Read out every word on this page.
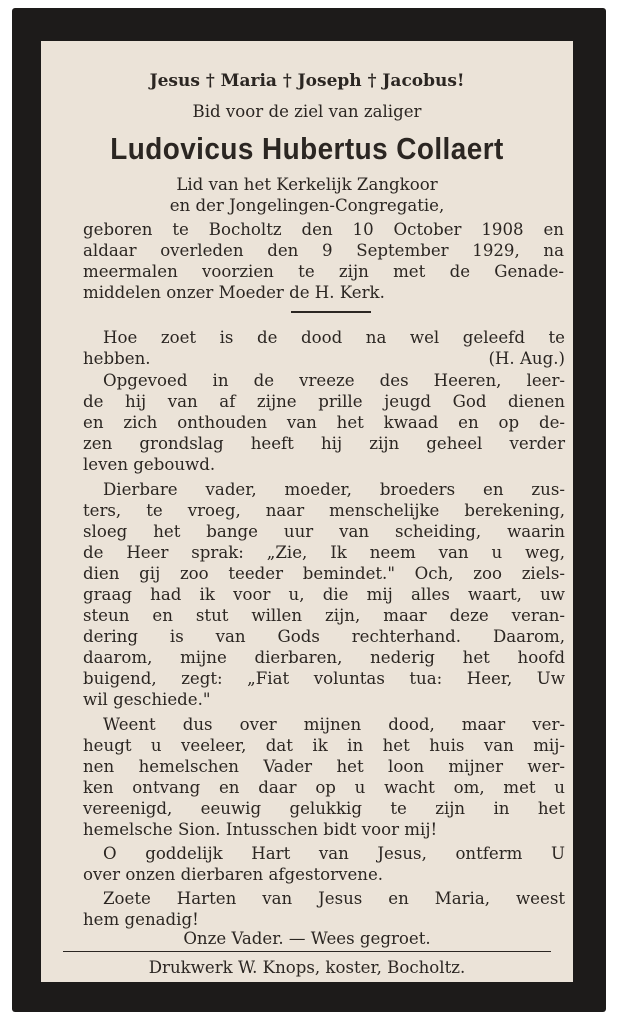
Jesus † Maria † Joseph † Jacobus!
Bid voor de ziel van zaliger
Ludovicus Hubertus Collaert
Lid van het Kerkelijk Zangkoor
en der Jongelingen-Congregatie,
geboren te Bocholtz den 10 October 1908 en
aldaar overleden den 9 September 1929, na
meermalen voorzien te zijn met de Genade-
middelen onzer Moeder de H. Kerk.
Hoe zoet is de dood na wel geleefd te
hebben.	(H. Aug.)
Opgevoed in de vreeze des Heeren, leer-
de hij van af zijne prille jeugd God dienen
en zich onthouden van het kwaad en op de-
zen grondslag heeft hij zijn geheel verder
leven gebouwd.
Dierbare vader, moeder, broeders en zus-
ters, te vroeg, naar menschelijke berekening,
sloeg het bange uur van scheiding, waarin
de Heer sprak: „Zie, Ik neem van u weg,
dien gij zoo teeder bemindet." Och, zoo ziels-
graag had ik voor u, die mij alles waart, uw
steun en stut willen zijn, maar deze veran-
dering is van Gods rechterhand. Daarom,
daarom, mijne dierbaren, nederig het hoofd
buigend, zegt: „Fiat voluntas tua: Heer, Uw
wil geschiede."
Weent dus over mijnen dood, maar ver-
heugt u veeleer, dat ik in het huis van mij-
nen hemelschen Vader het loon mijner wer-
ken ontvang en daar op u wacht om, met u
vereenigd, eeuwig gelukkig te zijn in het
hemelsche Sion. Intusschen bidt voor mij!
O goddelijk Hart van Jesus, ontferm U
over onzen dierbaren afgestorvene.
Zoete Harten van Jesus en Maria, weest
hem genadig!
Onze Vader. — Wees gegroet.
Drukwerk W. Knops, koster, Bocholtz.
